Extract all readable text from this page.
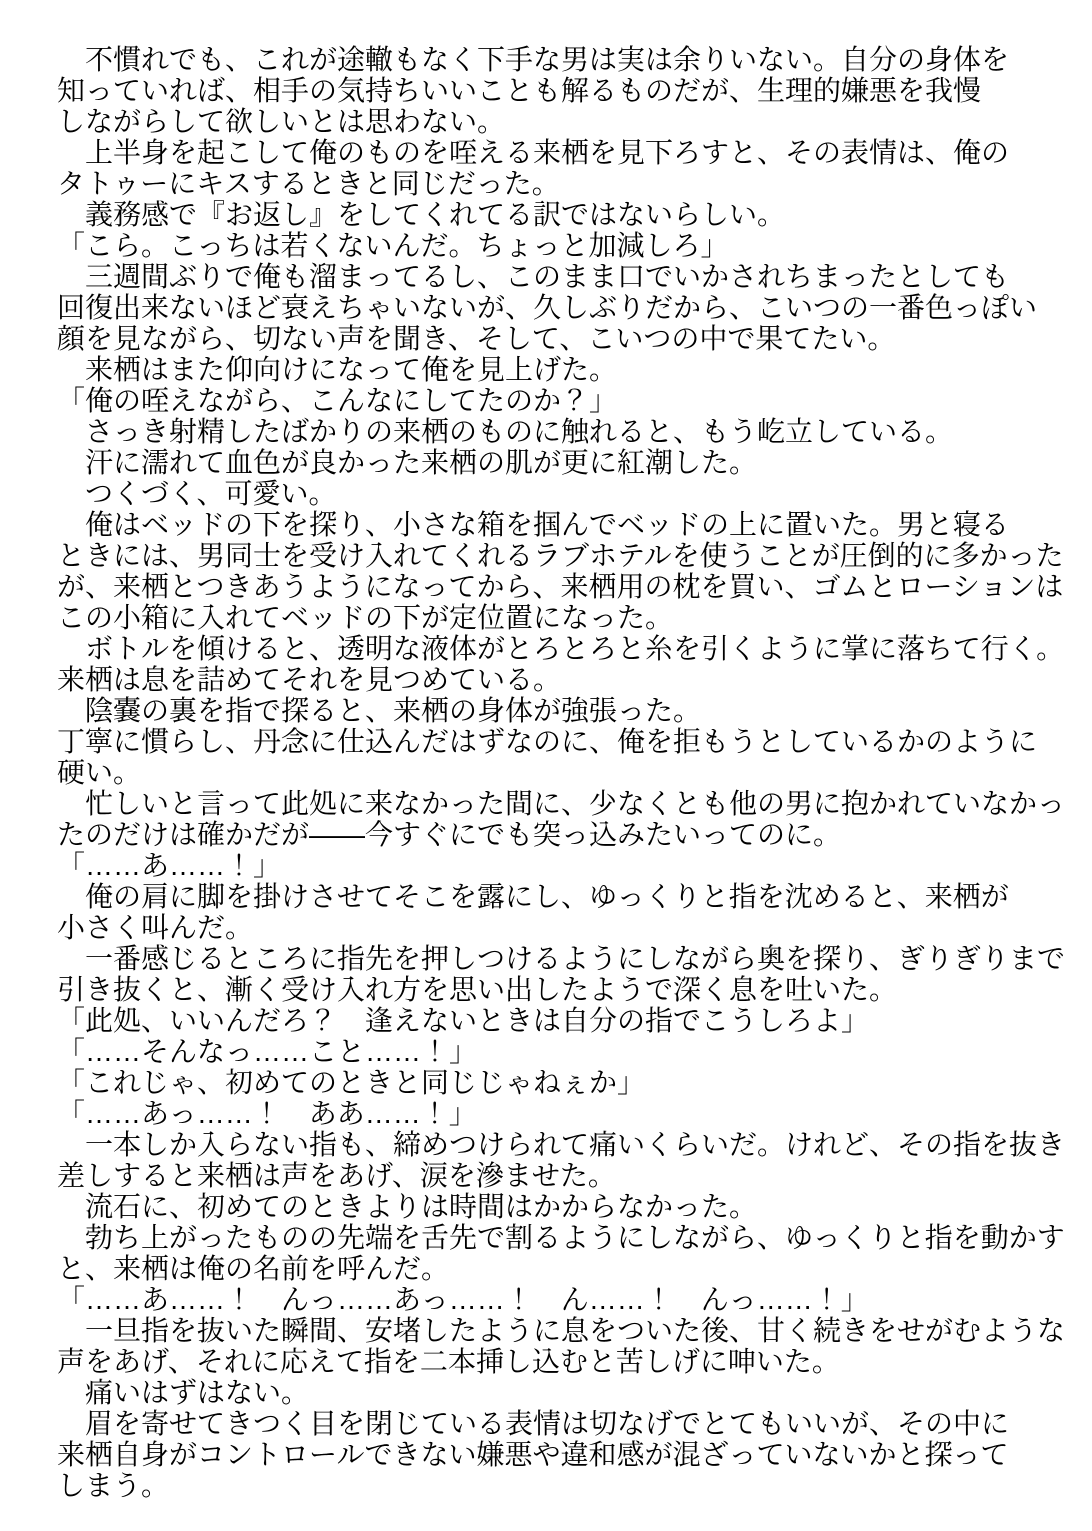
　不慣れでも、これが途轍もなく下手な男は実は余りいない。自分の身体を
知っていれば、相手の気持ちいいことも解るものだが、生理的嫌悪を我慢
しながらして欲しいとは思わない。
　上半身を起こして俺のものを咥える来栖を見下ろすと、その表情は、俺の
タトゥーにキスするときと同じだった。
　義務感で『お返し』をしてくれてる訳ではないらしい。
「こら。こっちは若くないんだ。ちょっと加減しろ」
　三週間ぶりで俺も溜まってるし、このまま口でいかされちまったとしても
回復出来ないほど衰えちゃいないが、久しぶりだから、こいつの一番色っぽい
顔を見ながら、切ない声を聞き、そして、こいつの中で果てたい。
　来栖はまた仰向けになって俺を見上げた。
「俺の咥えながら、こんなにしてたのか？」
　さっき射精したばかりの来栖のものに触れると、もう屹立している。
　汗に濡れて血色が良かった来栖の肌が更に紅潮した。
　つくづく、可愛い。
　俺はベッドの下を探り、小さな箱を掴んでベッドの上に置いた。男と寝る
ときには、男同士を受け入れてくれるラブホテルを使うことが圧倒的に多かった
が、来栖とつきあうようになってから、来栖用の枕を買い、ゴムとローションは
この小箱に入れてベッドの下が定位置になった。
　ボトルを傾けると、透明な液体がとろとろと糸を引くように掌に落ちて行く。
来栖は息を詰めてそれを見つめている。
　陰嚢の裏を指で探ると、来栖の身体が強張った。
丁寧に慣らし、丹念に仕込んだはずなのに、俺を拒もうとしているかのように
硬い。
　忙しいと言って此処に来なかった間に、少なくとも他の男に抱かれていなかっ
たのだけは確かだが――今すぐにでも突っ込みたいってのに。
「……あ……！」
　俺の肩に脚を掛けさせてそこを露にし、ゆっくりと指を沈めると、来栖が
小さく叫んだ。
　一番感じるところに指先を押しつけるようにしながら奥を探り、ぎりぎりまで
引き抜くと、漸く受け入れ方を思い出したようで深く息を吐いた。
「此処、いいんだろ？　逢えないときは自分の指でこうしろよ」
「……そんなっ……こと……！」
「これじゃ、初めてのときと同じじゃねぇか」
「……あっ……！　ああ……！」
　一本しか入らない指も、締めつけられて痛いくらいだ。けれど、その指を抜き
差しすると来栖は声をあげ、涙を滲ませた。
　流石に、初めてのときよりは時間はかからなかった。
　勃ち上がったものの先端を舌先で割るようにしながら、ゆっくりと指を動かす
と、来栖は俺の名前を呼んだ。
「……あ……！　んっ……あっ……！　ん……！　んっ……！」
　一旦指を抜いた瞬間、安堵したように息をついた後、甘く続きをせがむような
声をあげ、それに応えて指を二本挿し込むと苦しげに呻いた。
　痛いはずはない。
　眉を寄せてきつく目を閉じている表情は切なげでとてもいいが、その中に
来栖自身がコントロールできない嫌悪や違和感が混ざっていないかと探って
しまう。
